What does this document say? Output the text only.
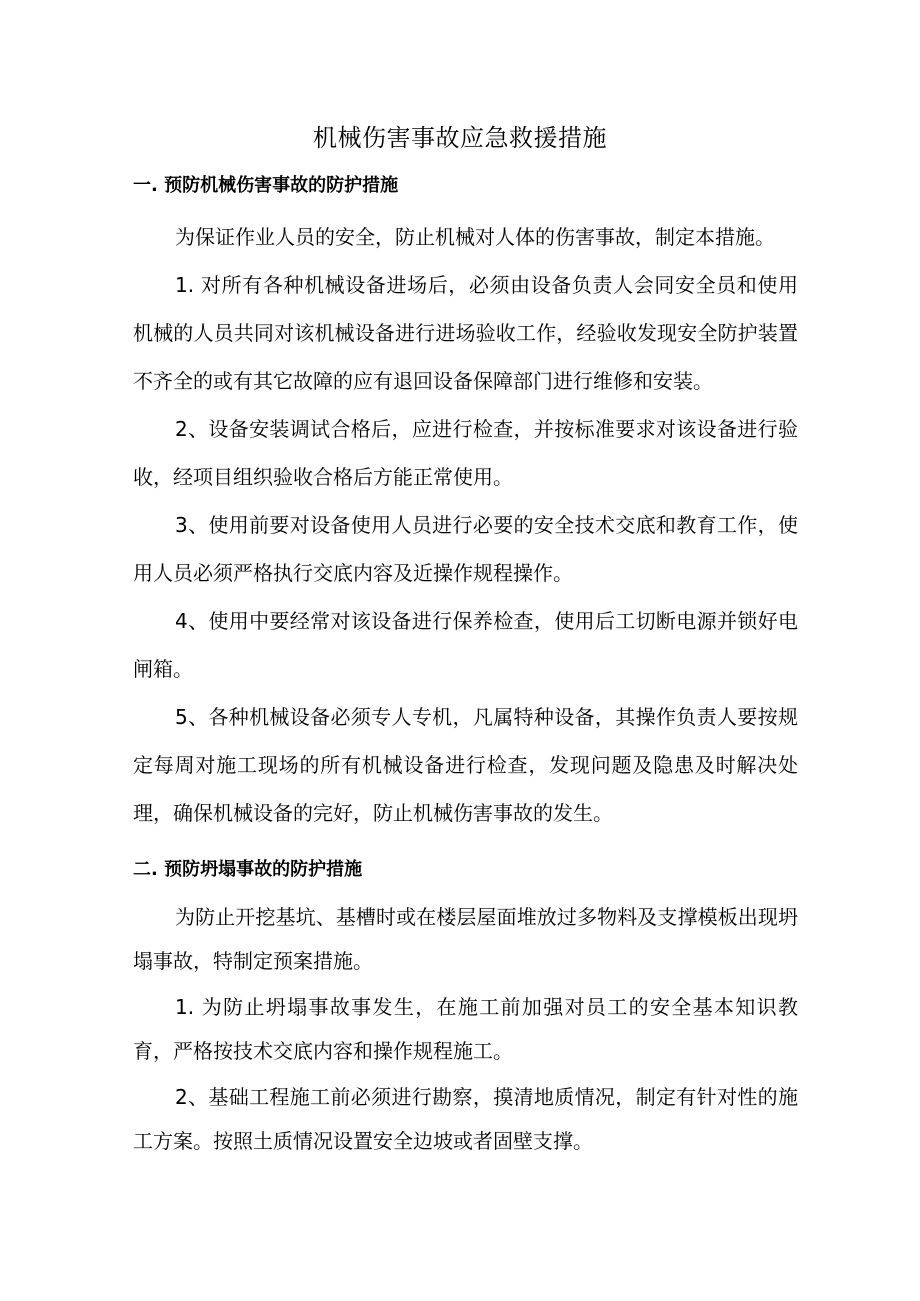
机械伤害事故应急救援措施
一. 预防机械伤害事故的防护措施

为保证作业人员的安全，防止机械对人体的伤害事故，制定本措施。

1. 对所有各种机械设备进场后，必须由设备负责人会同安全员和使用机械的人员共同对该机械设备进行进场验收工作，经验收发现安全防护装置不齐全的或有其它故障的应有退回设备保障部门进行维修和安装。

2、设备安装调试合格后，应进行检查，并按标准要求对该设备进行验收，经项目组织验收合格后方能正常使用。

3、使用前要对设备使用人员进行必要的安全技术交底和教育工作，使用人员必须严格执行交底内容及近操作规程操作。

4、使用中要经常对该设备进行保养检查，使用后工切断电源并锁好电闸箱。

5、各种机械设备必须专人专机，凡属特种设备，其操作负责人要按规定每周对施工现场的所有机械设备进行检查，发现问题及隐患及时解决处理，确保机械设备的完好，防止机械伤害事故的发生。

二. 预防坍塌事故的防护措施

为防止开挖基坑、基槽时或在楼层屋面堆放过多物料及支撑模板出现坍塌事故，特制定预案措施。

1. 为防止坍塌事故事发生，在施工前加强对员工的安全基本知识教育，严格按技术交底内容和操作规程施工。

2、基础工程施工前必须进行勘察，摸清地质情况，制定有针对性的施工方案。按照土质情况设置安全边坡或者固壁支撑。
